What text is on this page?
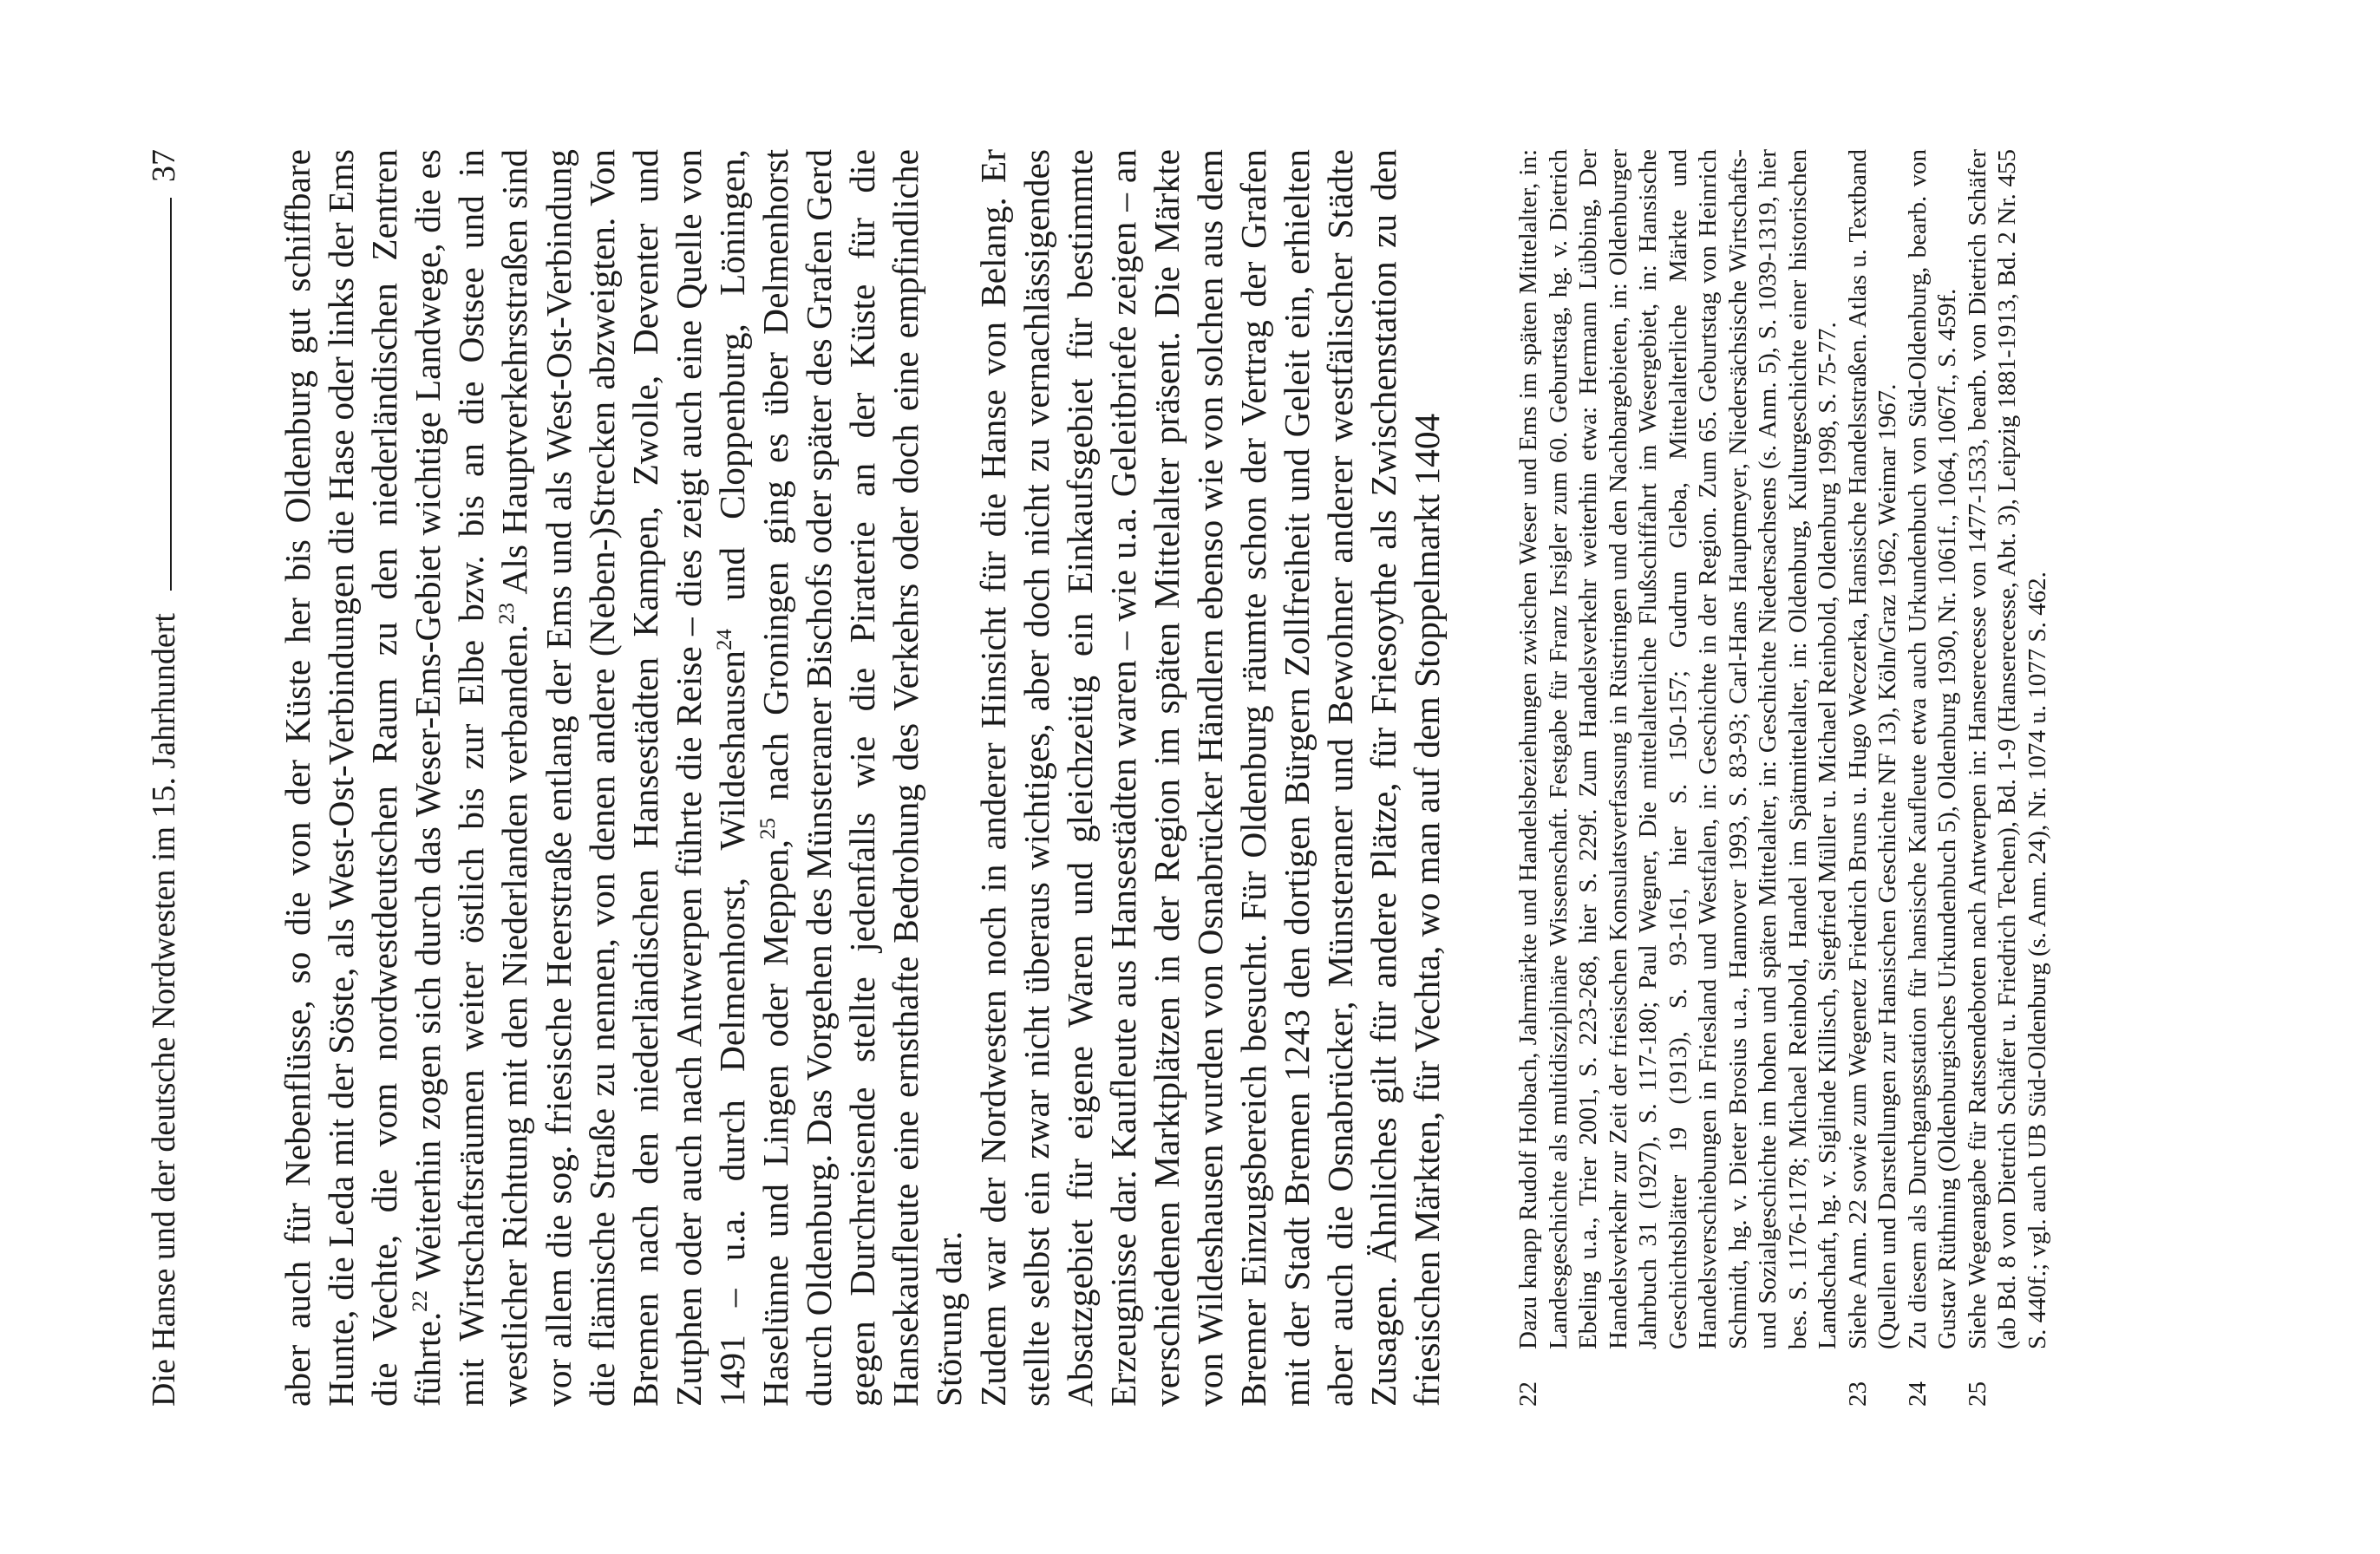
Die Hanse und der deutsche Nordwesten im 15. Jahrhundert
37	aber auch für Nebenflüsse, so die von der Küste her bis Oldenburg gut schiffbare Hunte, die Leda mit der Söste, als West-Ost-Verbindungen die Hase oder links der Ems die Vechte, die vom nordwestdeutschen Raum zu den niederländischen Zentren führte.$^{22}$ Weiterhin zogen sich durch das Weser-Ems-Gebiet wichtige Landwege, die es mit Wirtschaftsräumen weiter östlich bis zur Elbe bzw. bis an die Ostsee und in westlicher Richtung mit den Niederlanden verbanden.$^{23}$ Als Hauptverkehrsstraßen sind vor allem die sog. friesische Heerstraße entlang der Ems und als West-Ost-Verbindung die flämische Straße zu nennen, von denen andere (Neben-)Strecken abzweigten. Von Bremen nach den niederländischen Hansestädten Kampen, Zwolle, Deventer und Zutphen oder auch nach Antwerpen führte die Reise – dies zeigt auch eine Quelle von 1491 – u.a. durch Delmenhorst, Wildeshausen$^{24}$ und Cloppenburg, Löningen, Haselünne und Lingen oder Meppen,$^{25}$ nach Groningen ging es über Delmenhorst durch Oldenburg. Das Vorgehen des Münsteraner Bischofs oder später des Grafen Gerd gegen Durchreisende stellte jedenfalls wie die Piraterie an der Küste für die Hansekaufleute eine ernsthafte Bedrohung des Verkehrs oder doch eine empfindliche Störung dar. Zudem war der Nordwesten noch in anderer Hinsicht für die Hanse von Belang. Er stellte selbst ein zwar nicht überaus wichtiges, aber doch nicht zu vernachlässigendes Absatzgebiet für eigene Waren und gleichzeitig ein Einkaufsgebiet für bestimmte Erzeugnisse dar. Kaufleute aus Hansestädten waren – wie u.a. Geleitbriefe zeigen – an verschiedenen Marktplätzen in der Region im späten Mittelalter präsent. Die Märkte von Wildeshausen wurden von Osnabrücker Händlern ebenso wie von solchen aus dem Bremer Einzugsbereich besucht. Für Oldenburg räumte schon der Vertrag der Grafen mit der Stadt Bremen 1243 den dortigen Bürgern Zollfreiheit und Geleit ein, erhielten aber auch die Osnabrücker, Münsteraner und Bewohner anderer westfälischer Städte Zusagen. Ähnliches gilt für andere Plätze, für Friesoythe als Zwischenstation zu den friesischen Märkten, für Vechta, wo man auf dem Stoppelmarkt 1404	22
Dazu knapp Rudolf Holbach, Jahrmärkte und Handelsbeziehungen zwischen Weser und Ems im späten Mittelalter, in: Landesgeschichte als multidisziplinäre Wissenschaft. Festgabe für Franz Irsigler zum 60. Geburtstag, hg. v. Dietrich Ebeling u.a., Trier 2001, S. 223-268, hier S. 229f. Zum Handelsverkehr weiterhin etwa: Hermann Lübbing, Der Handelsverkehr zur Zeit der friesischen Konsulatsverfassung in Rüstringen und den Nachbargebieten, in: Oldenburger Jahrbuch 31 (1927), S. 117-180; Paul Wegner, Die mittelalterliche Flußschiffahrt im Wesergebiet, in: Hansische Geschichtsblätter 19 (1913), S. 93-161, hier S. 150-157; Gudrun Gleba, Mittelalterliche Märkte und Handelsverschiebungen in Friesland und Westfalen, in: Geschichte in der Region. Zum 65. Geburtstag von Heinrich Schmidt, hg. v. Dieter Brosius u.a., Hannover 1993, S. 83-93; Carl-Hans Hauptmeyer, Niedersächsische Wirtschafts- und Sozialgeschichte im hohen und späten Mittelalter, in: Geschichte Niedersachsens (s. Anm. 5), S. 1039-1319, hier bes. S. 1176-1178; Michael Reinbold, Handel im Spätmittelalter, in: Oldenburg, Kulturgeschichte einer historischen Landschaft, hg. v. Siglinde Killisch, Siegfried Müller u. Michael Reinbold, Oldenburg 1998, S. 75-77.
23
Siehe Anm. 22 sowie zum Wegenetz Friedrich Bruns u. Hugo Weczerka, Hansische Handelsstraßen. Atlas u. Textband (Quellen und Darstellungen zur Hansischen Geschichte NF 13), Köln/Graz 1962, Weimar 1967.
24
Zu diesem als Durchgangsstation für hansische Kaufleute etwa auch Urkundenbuch von Süd-Oldenburg, bearb. von Gustav Rüthning (Oldenburgisches Urkundenbuch 5), Oldenburg 1930, Nr. 1061f., 1064, 1067f., S. 459f.
25
Siehe Wegeangabe für Ratssendeboten nach Antwerpen in: Hanserecesse von 1477-1533, bearb. von Dietrich Schäfer (ab Bd. 8 von Dietrich Schäfer u. Friedrich Techen), Bd. 1-9 (Hanserecesse, Abt. 3), Leipzig 1881-1913, Bd. 2 Nr. 455 S. 440f.; vgl. auch UB Süd-Oldenburg (s. Anm. 24), Nr. 1074 u. 1077 S. 462.
